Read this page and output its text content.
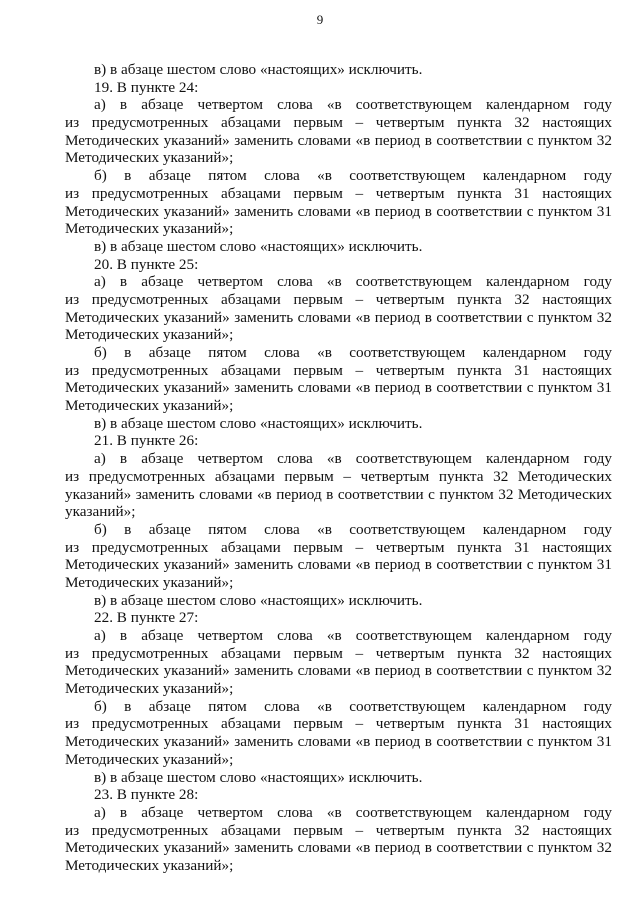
9
в) в абзаце шестом слово «настоящих» исключить.
19. В пункте 24:
а) в абзаце четвертом слова «в соответствующем календарном году
из предусмотренных абзацами первым – четвертым пункта 32 настоящих
Методических указаний» заменить словами «в период в соответствии с пунктом 32
Методических указаний»;
б) в абзаце пятом слова «в соответствующем календарном году
из предусмотренных абзацами первым – четвертым пункта 31 настоящих
Методических указаний» заменить словами «в период в соответствии с пунктом 31
Методических указаний»;
в) в абзаце шестом слово «настоящих» исключить.
20. В пункте 25:
а) в абзаце четвертом слова «в соответствующем календарном году
из предусмотренных абзацами первым – четвертым пункта 32 настоящих
Методических указаний» заменить словами «в период в соответствии с пунктом 32
Методических указаний»;
б) в абзаце пятом слова «в соответствующем календарном году
из предусмотренных абзацами первым – четвертым пункта 31 настоящих
Методических указаний» заменить словами «в период в соответствии с пунктом 31
Методических указаний»;
в) в абзаце шестом слово «настоящих» исключить.
21. В пункте 26:
а) в абзаце четвертом слова «в соответствующем календарном году
из предусмотренных абзацами первым – четвертым пункта 32 Методических
указаний» заменить словами «в период в соответствии с пунктом 32 Методических
указаний»;
б) в абзаце пятом слова «в соответствующем календарном году
из предусмотренных абзацами первым – четвертым пункта 31 настоящих
Методических указаний» заменить словами «в период в соответствии с пунктом 31
Методических указаний»;
в) в абзаце шестом слово «настоящих» исключить.
22. В пункте 27:
а) в абзаце четвертом слова «в соответствующем календарном году
из предусмотренных абзацами первым – четвертым пункта 32 настоящих
Методических указаний» заменить словами «в период в соответствии с пунктом 32
Методических указаний»;
б) в абзаце пятом слова «в соответствующем календарном году
из предусмотренных абзацами первым – четвертым пункта 31 настоящих
Методических указаний» заменить словами «в период в соответствии с пунктом 31
Методических указаний»;
в) в абзаце шестом слово «настоящих» исключить.
23. В пункте 28:
а) в абзаце четвертом слова «в соответствующем календарном году
из предусмотренных абзацами первым – четвертым пункта 32 настоящих
Методических указаний» заменить словами «в период в соответствии с пунктом 32
Методических указаний»;
